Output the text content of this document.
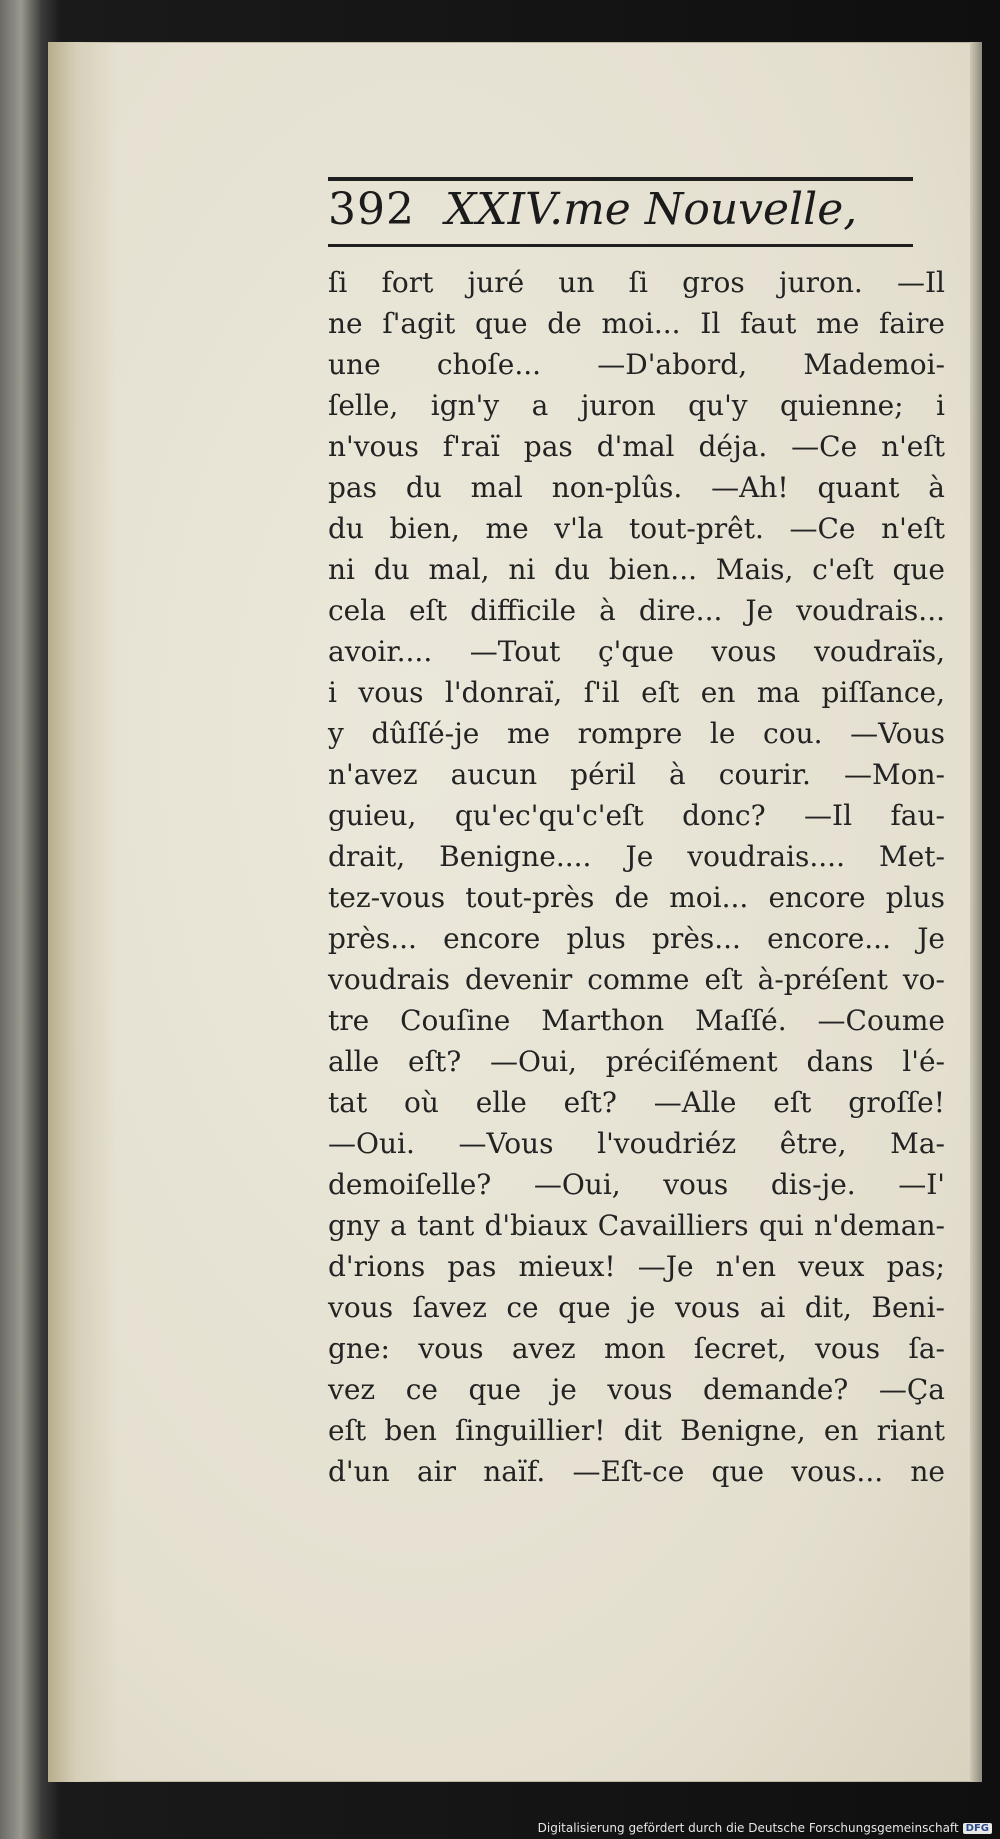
392 XXIV.me Nouvelle,
ſi fort juré un ſi gros juron. —Il
ne ſ'agit que de moi... Il faut me faire
une choſe... —D'abord, Mademoi-
ſelle, ign'y a juron qu'y quienne; i
n'vous f'raï pas d'mal déja. —Ce n'eſt
pas du mal non-plûs. —Ah! quant à
du bien, me v'la tout-prêt. —Ce n'eſt
ni du mal, ni du bien... Mais, c'eſt que
cela eſt difficile à dire... Je voudrais...
avoir.... —Tout ç'que vous voudraïs,
i vous l'donraï, ſ'il eſt en ma piſſance,
y dûſſé-je me rompre le cou. —Vous
n'avez aucun péril à courir. —Mon-
guieu, qu'ec'qu'c'eſt donc? —Il fau-
drait, Benigne.... Je voudrais.... Met-
tez-vous tout-près de moi... encore plus
près... encore plus près... encore... Je
voudrais devenir comme eſt à-préſent vo-
tre Couſine Marthon Maſſé. —Coume
alle eſt? —Oui, préciſément dans l'é-
tat où elle eſt? —Alle eſt groſſe!
—Oui. —Vous l'voudriéz être, Ma-
demoiſelle? —Oui, vous dis-je. —I'
gny a tant d'biaux Cavailliers qui n'deman-
d'rions pas mieux! —Je n'en veux pas;
vous ſavez ce que je vous ai dit, Beni-
gne: vous avez mon ſecret, vous ſa-
vez ce que je vous demande? —Ça
eſt ben ſinguillier! dit Benigne, en riant
d'un air naïf. —Eſt-ce que vous... ne
Digitalisierung gefördert durch die Deutsche Forschungsgemeinschaft DFG
